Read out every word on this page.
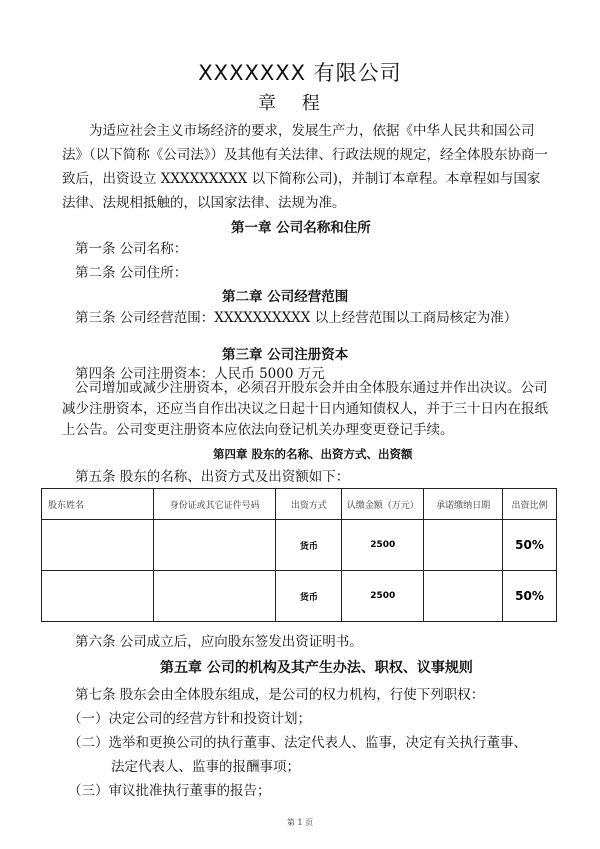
XXXXXXX 有限公司
章 程
为适应社会主义市场经济的要求，发展生产力，依据《中华人民共和国公司法》（以下简称《公司法》）及其他有关法律、行政法规的规定，经全体股东协商一致后，出资设立 XXXXXXXXX 以下简称公司)，并制订本章程。本章程如与国家法律、法规相抵触的，以国家法律、法规为准。
第一章 公司名称和住所
第一条 公司名称：
第二条 公司住所：
第二章 公司经营范围
第三条 公司经营范围：XXXXXXXXXX 以上经营范围以工商局核定为准）
第三章 公司注册资本
第四条 公司注册资本：人民币 5000 万元
公司增加或减少注册资本，必须召开股东会并由全体股东通过并作出决议。公司减少注册资本，还应当自作出决议之日起十日内通知债权人，并于三十日内在报纸上公告。公司变更注册资本应依法向登记机关办理变更登记手续。
第四章 股东的名称、出资方式、出资额
第五条 股东的名称、出资方式及出资额如下：
股东姓名	身份证或其它证件号码	出资方式	认缴金额（万元）	承诺缴纳日期	出资比例
		货币	2500		50%
		货币	2500		50%
第六条 公司成立后，应向股东签发出资证明书。
第五章 公司的机构及其产生办法、职权、议事规则
第七条 股东会由全体股东组成，是公司的权力机构，行使下列职权：
（一）决定公司的经营方针和投资计划；
（二）选举和更换公司的执行董事、法定代表人、监事，决定有关执行董事、
法定代表人、监事的报酬事项；
（三）审议批准执行董事的报告；
第 1 页
